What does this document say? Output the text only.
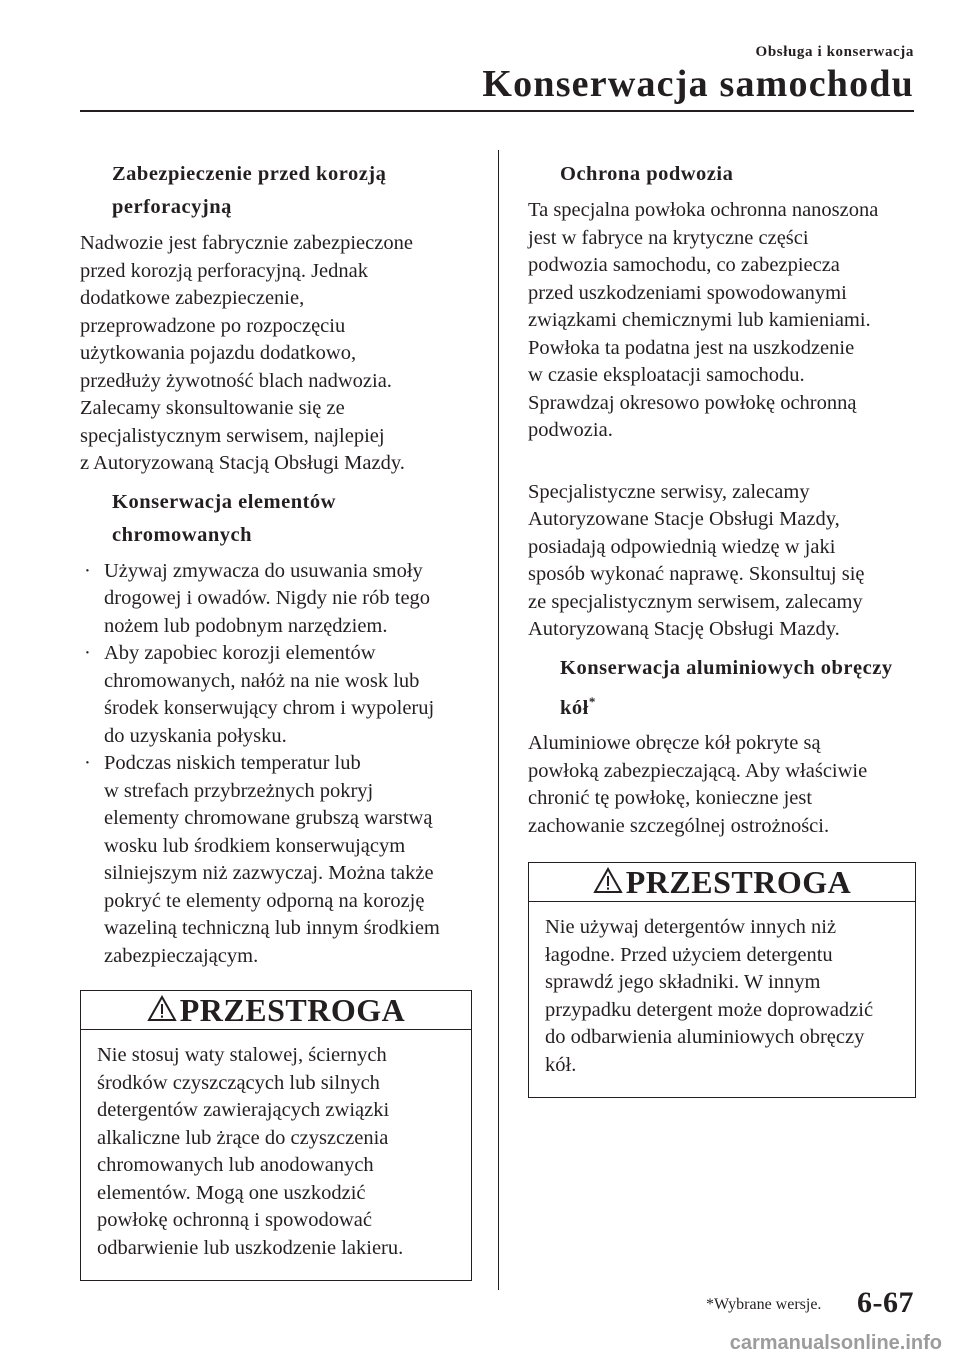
Obsługa i konserwacja
Konserwacja samochodu
Zabezpieczenie przed korozją
perforacyjną
Nadwozie jest fabrycznie zabezpieczone
przed korozją perforacyjną. Jednak
dodatkowe zabezpieczenie,
przeprowadzone po rozpoczęciu
użytkowania pojazdu dodatkowo,
przedłuży żywotność blach nadwozia.
Zalecamy skonsultowanie się ze
specjalistycznym serwisem, najlepiej
z Autoryzowaną Stacją Obsługi Mazdy.
Konserwacja elementów
chromowanych
· Używaj zmywacza do usuwania smoły
drogowej i owadów. Nigdy nie rób tego
nożem lub podobnym narzędziem.
· Aby zapobiec korozji elementów
chromowanych, nałóż na nie wosk lub
środek konserwujący chrom i wypoleruj
do uzyskania połysku.
· Podczas niskich temperatur lub
w strefach przybrzeżnych pokryj
elementy chromowane grubszą warstwą
wosku lub środkiem konserwującym
silniejszym niż zazwyczaj. Można także
pokryć te elementy odporną na korozję
wazeliną techniczną lub innym środkiem
zabezpieczającym.
PRZESTROGA
Nie stosuj waty stalowej, ściernych
środków czyszczących lub silnych
detergentów zawierających związki
alkaliczne lub żrące do czyszczenia
chromowanych lub anodowanych
elementów. Mogą one uszkodzić
powłokę ochronną i spowodować
odbarwienie lub uszkodzenie lakieru.
Ochrona podwozia
Ta specjalna powłoka ochronna nanoszona
jest w fabryce na krytyczne części
podwozia samochodu, co zabezpiecza
przed uszkodzeniami spowodowanymi
związkami chemicznymi lub kamieniami.
Powłoka ta podatna jest na uszkodzenie
w czasie eksploatacji samochodu.
Sprawdzaj okresowo powłokę ochronną
podwozia.
Specjalistyczne serwisy, zalecamy
Autoryzowane Stacje Obsługi Mazdy,
posiadają odpowiednią wiedzę w jaki
sposób wykonać naprawę. Skonsultuj się
ze specjalistycznym serwisem, zalecamy
Autoryzowaną Stację Obsługi Mazdy.
Konserwacja aluminiowych obręczy
kół*
Aluminiowe obręcze kół pokryte są
powłoką zabezpieczającą. Aby właściwie
chronić tę powłokę, konieczne jest
zachowanie szczególnej ostrożności.
PRZESTROGA
Nie używaj detergentów innych niż
łagodne. Przed użyciem detergentu
sprawdź jego składniki. W innym
przypadku detergent może doprowadzić
do odbarwienia aluminiowych obręczy
kół.
*Wybrane wersje. 6-67
carmanualsonline.info
